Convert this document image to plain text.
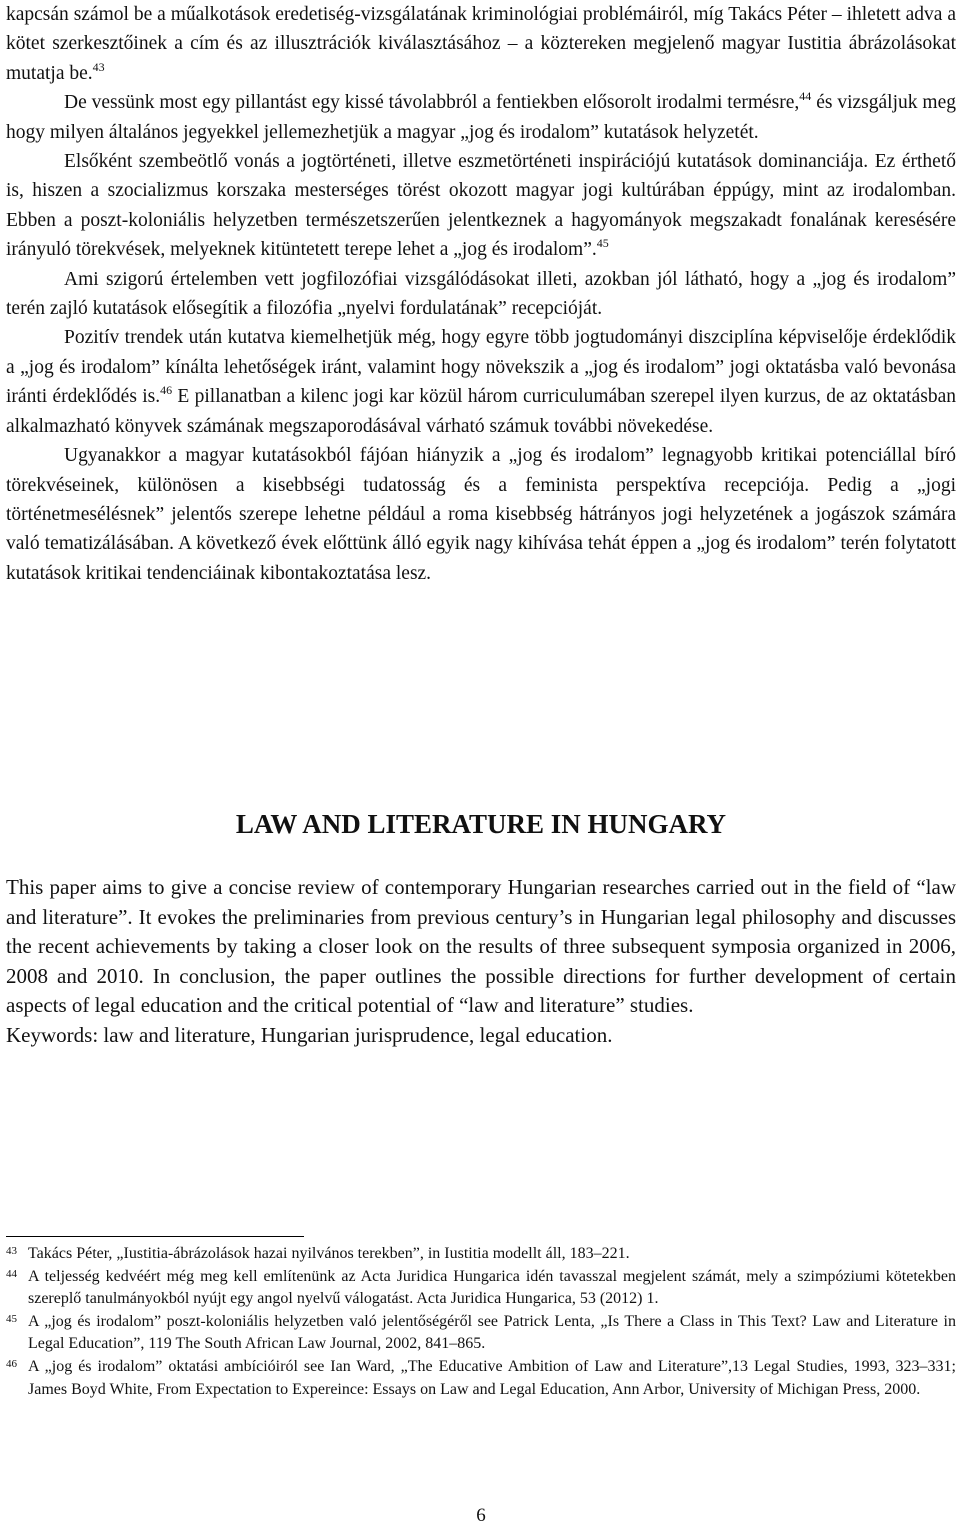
kapcsán számol be a műalkotások eredetiség-vizsgálatának kriminológiai problémáiról, míg Takács Péter – ihletett adva a kötet szerkesztőinek a cím és az illusztrációk kiválasztásához – a köztereken megjelenő magyar Iustitia ábrázolásokat mutatja be.$^{43}$

De vessünk most egy pillantást egy kissé távolabbról a fentiekben elősorolt irodalmi termésre,$^{44}$ és vizsgáljuk meg hogy milyen általános jegyekkel jellemezhetjük a magyar „jog és irodalom” kutatások helyzetét.

Elsőként szembeötlő vonás a jogtörténeti, illetve eszmetörténeti inspirációjú kutatások dominanciája. Ez érthető is, hiszen a szocializmus korszaka mesterséges törést okozott magyar jogi kultúrában éppúgy, mint az irodalomban. Ebben a poszt-koloniális helyzetben természetszerűen jelentkeznek a hagyományok megszakadt fonalának keresésére irányuló törekvések, melyeknek kitüntetett terepe lehet a „jog és irodalom”.$^{45}$

Ami szigorú értelemben vett jogfilozófiai vizsgálódásokat illeti, azokban jól látható, hogy a „jog és irodalom” terén zajló kutatások elősegítik a filozófia „nyelvi fordulatának” recepcióját.

Pozitív trendek után kutatva kiemelhetjük még, hogy egyre több jogtudományi diszciplína képviselője érdeklődik a „jog és irodalom” kínálta lehetőségek iránt, valamint hogy növekszik a „jog és irodalom” jogi oktatásba való bevonása iránti érdeklődés is.$^{46}$ E pillanatban a kilenc jogi kar közül három curriculumában szerepel ilyen kurzus, de az oktatásban alkalmazható könyvek számának megszaporodásával várható számuk további növekedése.

Ugyanakkor a magyar kutatásokból fájóan hiányzik a „jog és irodalom” legnagyobb kritikai potenciállal bíró törekvéseinek, különösen a kisebbségi tudatosság és a feminista perspektíva recepciója. Pedig a „jogi történetmesélésnek” jelentős szerepe lehetne például a roma kisebbség hátrányos jogi helyzetének a jogászok számára való tematizálásában. A következő évek előttünk álló egyik nagy kihívása tehát éppen a „jog és irodalom” terén folytatott kutatások kritikai tendenciáinak kibontakoztatása lesz.

LAW AND LITERATURE IN HUNGARY

This paper aims to give a concise review of contemporary Hungarian researches carried out in the field of “law and literature”. It evokes the preliminaries from previous century’s in Hungarian legal philosophy and discusses the recent achievements by taking a closer look on the results of three subsequent symposia organized in 2006, 2008 and 2010. In conclusion, the paper outlines the possible directions for further development of certain aspects of legal education and the critical potential of “law and literature” studies.

Keywords: law and literature, Hungarian jurisprudence, legal education.

43 Takács Péter, „Iustitia-ábrázolások hazai nyilvános terekben”, in Iustitia modellt áll, 183–221.
44 A teljesség kedvéért még meg kell említenünk az Acta Juridica Hungarica idén tavasszal megjelent számát, mely a szimpóziumi kötetekben szereplő tanulmányokból nyújt egy angol nyelvű válogatást. Acta Juridica Hungarica, 53 (2012) 1.
45 A „jog és irodalom” poszt-koloniális helyzetben való jelentőségéről see Patrick Lenta, „Is There a Class in This Text? Law and Literature in Legal Education”, 119 The South African Law Journal, 2002, 841–865.
46 A „jog és irodalom” oktatási ambícióiról see Ian Ward, „The Educative Ambition of Law and Literature”,13 Legal Studies, 1993, 323–331; James Boyd White, From Expectation to Expereince: Essays on Law and Legal Education, Ann Arbor, University of Michigan Press, 2000.
6
